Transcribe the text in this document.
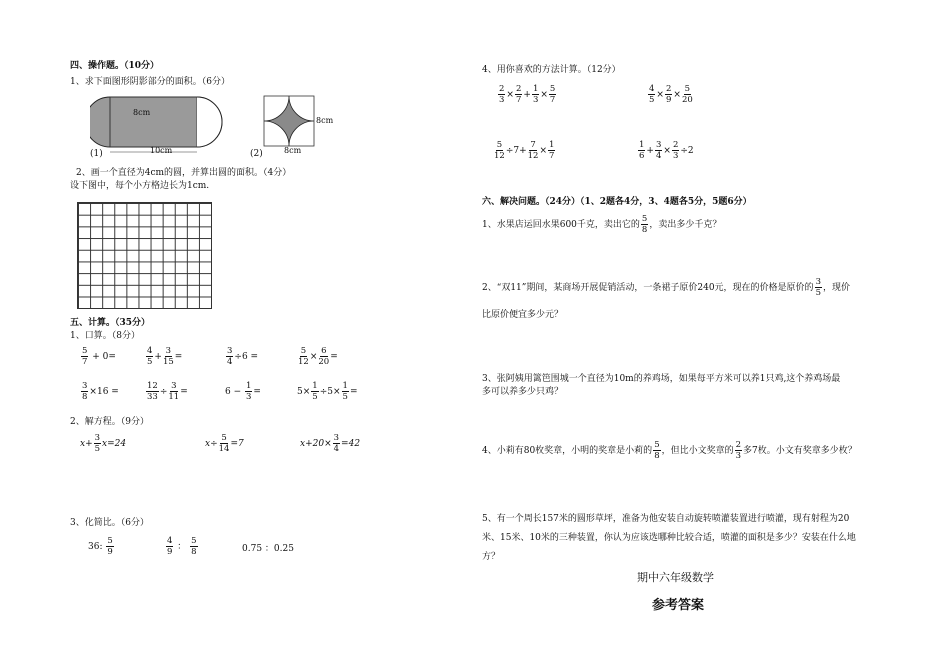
四、操作题。（10分）
1、求下面图形阴影部分的面积。（6分）
8cm
10cm
(1)
8cm
8cm
(2)
2、画一个直径为4cm的圆，并算出圆的面积。（4分）
设下图中，每个小方格边长为1cm.
五、计算。（35分）
1、口算。（8分）
$\frac{5}{7} + 0=$	$\frac{4}{5} + \frac{3}{15}$ =	$\frac{3}{4} \div 6$ =	$\frac{5}{12} \times \frac{6}{20}$ =
$\frac{3}{8} \times 16$ =	$\frac{12}{33} \div \frac{3}{11}$ =	$6 - \frac{1}{3}$ =	$5\times \frac{1}{5} \div 5\times \frac{1}{5}$ =
2、解方程。（9分）
$x+ \frac{3}{5} x=24$	$x\div \frac{5}{14} =7$	$x+20\times \frac{3}{4} =42$
3、化简比。（6分）
36: $\frac{5}{9}$	$\frac{4}{9}$ ： $\frac{5}{8}$	0.75 ：0.25
4、用你喜欢的方法计算。（12分）
$\frac{2}{3} \times \frac{2}{7} + \frac{1}{3} \times \frac{5}{7}$	$\frac{4}{5} \times \frac{2}{9} \times \frac{5}{20}$
$\frac{5}{12} \div 7+ \frac{7}{12} \times \frac{1}{7}$	$\frac{1}{6} + \frac{3}{4} \times \frac{2}{3} \div 2$
六、解决问题。（24分）（1、2题各4分，3、4题各5分，5题6分）
1、水果店运回水果600千克，卖出它的 $\frac{5}{8}$ ，卖出多少千克？
2、“双11”期间，某商场开展促销活动，一条裙子原价240元，现在的价格是原价的 $\frac{3}{5}$ ，现价
比原价便宜多少元？
3、张阿姨用篱笆围城一个直径为10m的养鸡场，如果每平方米可以养1只鸡,这个养鸡场最
多可以养多少只鸡？
4、小莉有80枚奖章，小明的奖章是小莉的 $\frac{5}{8}$ ，但比小文奖章的 $\frac{2}{3}$ 多7枚。小文有奖章多少枚？
5、有一个周长157米的圆形草坪，准备为他安装自动旋转喷灌装置进行喷灌，现有射程为20
米、15米、10米的三种装置，你认为应该选哪种比较合适，喷灌的面积是多少？安装在什么地
方？
期中六年级数学
参考答案
